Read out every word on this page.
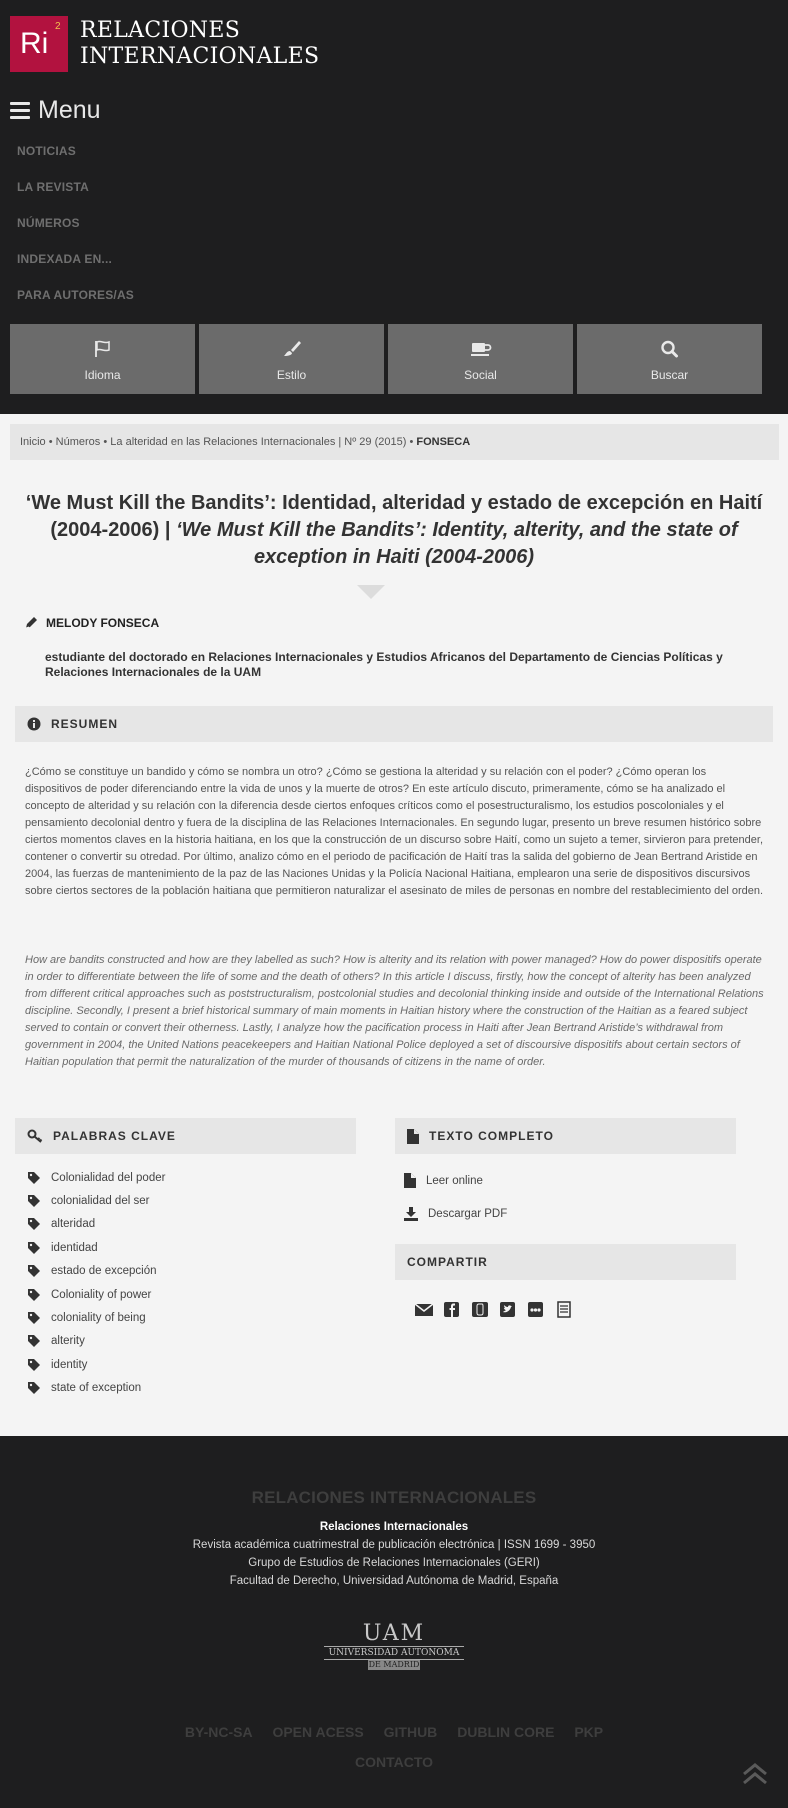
Ri
2 RELACIONES
INTERNACIONALES
Menu
NOTICIAS
LA REVISTA
NÚMEROS
INDEXADA EN...
PARA AUTORES/AS
Idioma	Estilo	Social	Buscar
Inicio • Números • La alteridad en las Relaciones Internacionales | Nº 29 (2015) • FONSECA
‘We Must Kill the Bandits’: Identidad, alteridad y estado de excepción en Haití (2004-2006) | ‘We Must Kill the Bandits’: Identity, alterity, and the state of exception in Haiti (2004-2006)
MELODY FONSECA
estudiante del doctorado en Relaciones Internacionales y Estudios Africanos del Departamento de Ciencias Políticas y Relaciones Internacionales de la UAM
RESUMEN
¿Cómo se constituye un bandido y cómo se nombra un otro? ¿Cómo se gestiona la alteridad y su relación con el poder? ¿Cómo operan los dispositivos de poder diferenciando entre la vida de unos y la muerte de otros? En este artículo discuto, primeramente, cómo se ha analizado el concepto de alteridad y su relación con la diferencia desde ciertos enfoques críticos como el posestructuralismo, los estudios poscoloniales y el pensamiento decolonial dentro y fuera de la disciplina de las Relaciones Internacionales. En segundo lugar, presento un breve resumen histórico sobre ciertos momentos claves en la historia haitiana, en los que la construcción de un discurso sobre Haití, como un sujeto a temer, sirvieron para pretender, contener o convertir su otredad. Por último, analizo cómo en el periodo de pacificación de Haití tras la salida del gobierno de Jean Bertrand Aristide en 2004, las fuerzas de mantenimiento de la paz de las Naciones Unidas y la Policía Nacional Haitiana, emplearon una serie de dispositivos discursivos sobre ciertos sectores de la población haitiana que permitieron naturalizar el asesinato de miles de personas en nombre del restablecimiento del orden.
How are bandits constructed and how are they labelled as such? How is alterity and its relation with power managed? How do power dispositifs operate in order to differentiate between the life of some and the death of others? In this article I discuss, firstly, how the concept of alterity has been analyzed from different critical approaches such as poststructuralism, postcolonial studies and decolonial thinking inside and outside of the International Relations discipline. Secondly, I present a brief historical summary of main moments in Haitian history where the construction of the Haitian as a feared subject served to contain or convert their otherness. Lastly, I analyze how the pacification process in Haiti after Jean Bertrand Aristide’s withdrawal from government in 2004, the United Nations peacekeepers and Haitian National Police deployed a set of discoursive dispositifs about certain sectors of Haitian population that permit the naturalization of the murder of thousands of citizens in the name of order.
PALABRAS CLAVE
Colonialidad del poder
colonialidad del ser
alteridad
identidad
estado de excepción
Coloniality of power
coloniality of being
alterity
identity
state of exception
TEXTO COMPLETO
Leer online
Descargar PDF
COMPARTIR
RELACIONES INTERNACIONALES
Relaciones Internacionales
Revista académica cuatrimestral de publicación electrónica | ISSN 1699 - 3950
Grupo de Estudios de Relaciones Internacionales (GERI)
Facultad de Derecho, Universidad Autónoma de Madrid, España
UAM
UNIVERSIDAD AUTONOMA
DE MADRID
BY-NC-SA OPEN ACESS GITHUB DUBLIN CORE PKP
CONTACTO
